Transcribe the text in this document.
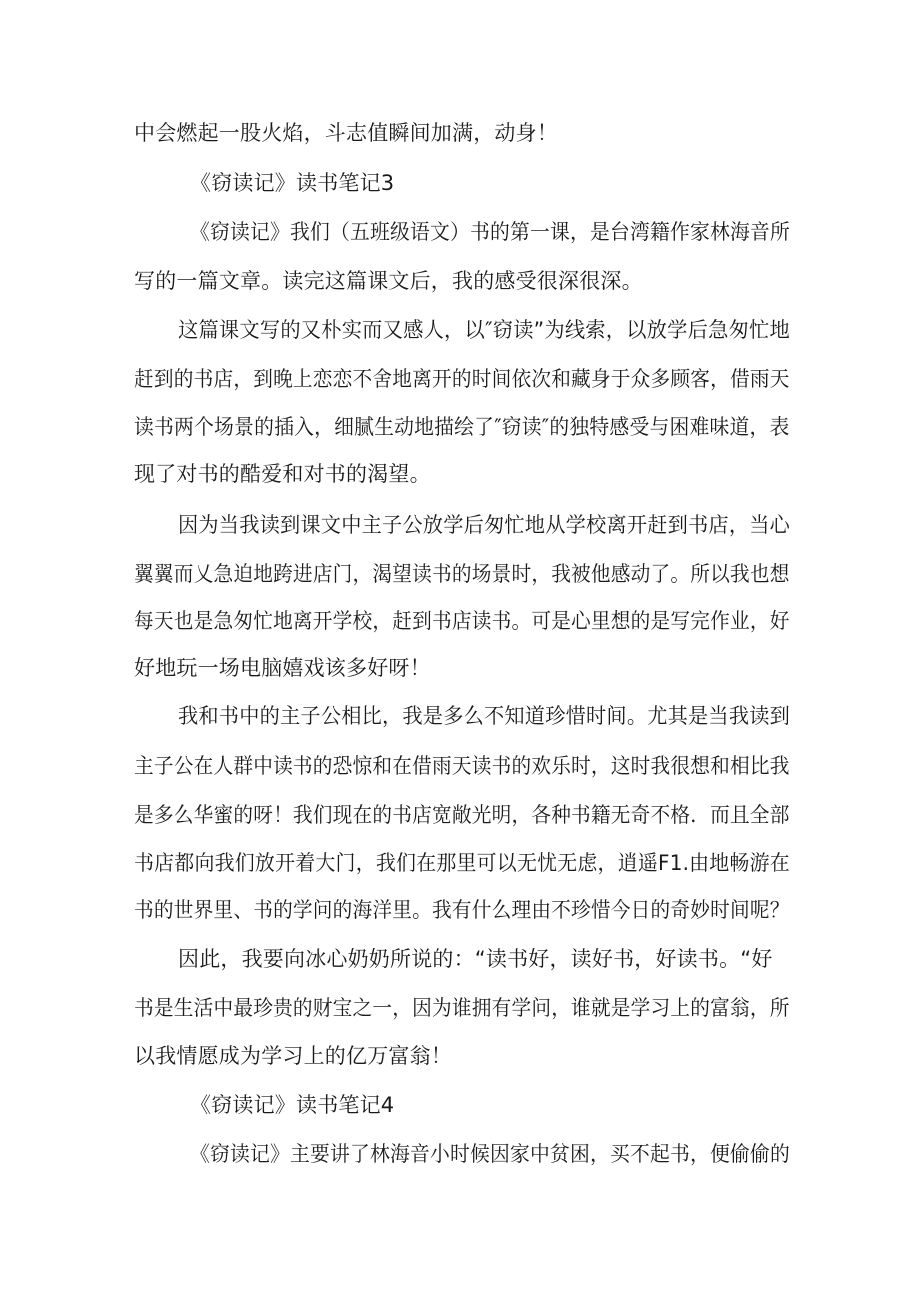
中会燃起一股火焰，斗志值瞬间加满，动身！
《窃读记》读书笔记3
《窃读记》我们（五班级语文）书的第一课，是台湾籍作家林海音所
写的一篇文章。读完这篇课文后，我的感受很深很深。
这篇课文写的又朴实而又感人，以″窃读”为线索，以放学后急匆忙地
赶到的书店，到晚上恋恋不舍地离开的时间依次和藏身于众多顾客，借雨天
读书两个场景的插入，细腻生动地描绘了″窃读″的独特感受与困难味道，表
现了对书的酷爱和对书的渴望。
因为当我读到课文中主子公放学后匆忙地从学校离开赶到书店，当心
翼翼而乂急迫地跨进店门，渴望读书的场景时，我被他感动了。所以我也想
每天也是急匆忙地离开学校，赶到书店读书。可是心里想的是写完作业，好
好地玩一场电脑嬉戏该多好呀！
我和书中的主子公相比，我是多么不知道珍惜时间。尤其是当我读到
主子公在人群中读书的恐惊和在借雨天读书的欢乐时，这时我很想和相比我
是多么华蜜的呀！我们现在的书店宽敞光明，各种书籍无奇不格．而且全部
书店都向我们放开着大门，我们在那里可以无忧无虑，逍遥F1.由地畅游在
书的世界里、书的学问的海洋里。我有什么理由不珍惜今日的奇妙时间呢？
因此，我要向冰心奶奶所说的：“读书好，读好书，好读书。“好
书是生活中最珍贵的财宝之一，因为谁拥有学问，谁就是学习上的富翁，所
以我情愿成为学习上的亿万富翁！
《窃读记》读书笔记4
《窃读记》主要讲了林海音小时候因家中贫困，买不起书，便偷偷的
